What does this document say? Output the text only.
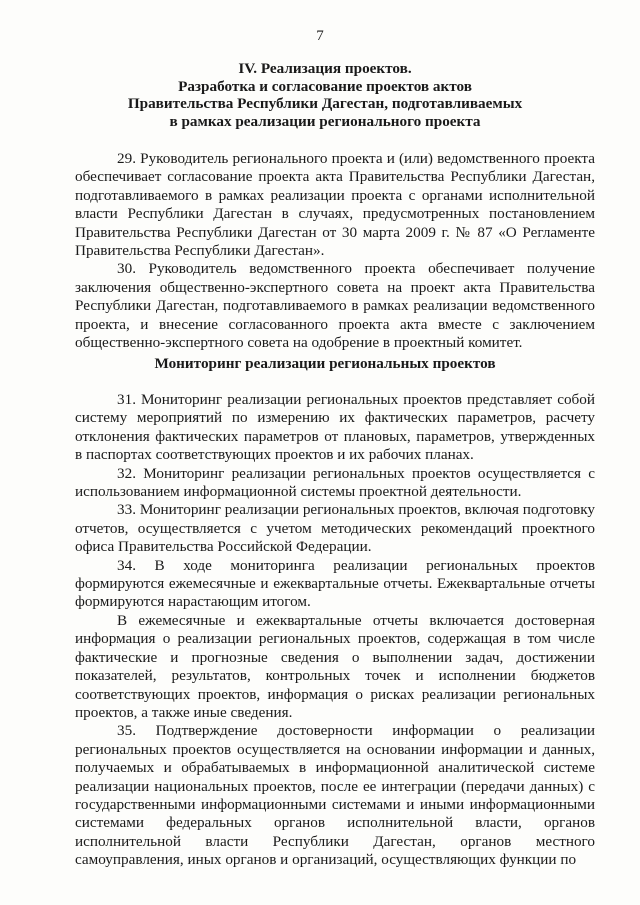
7
IV. Реализация проектов.
Разработка и согласование проектов актов
Правительства Республики Дагестан, подготавливаемых
в рамках реализации регионального проекта

29. Руководитель регионального проекта и (или) ведомственного проекта обеспечивает согласование проекта акта Правительства Республики Дагестан, подготавливаемого в рамках реализации проекта с органами исполнительной власти Республики Дагестан в случаях, предусмотренных постановлением Правительства Республики Дагестан от 30 марта 2009 г. № 87 «О Регламенте Правительства Республики Дагестан».

30. Руководитель ведомственного проекта обеспечивает получение заключения общественно-экспертного совета на проект акта Правительства Республики Дагестан, подготавливаемого в рамках реализации ведомственного проекта, и внесение согласованного проекта акта вместе с заключением общественно-экспертного совета на одобрение в проектный комитет.

Мониторинг реализации региональных проектов

31. Мониторинг реализации региональных проектов представляет собой систему мероприятий по измерению их фактических параметров, расчету отклонения фактических параметров от плановых, параметров, утвержденных в паспортах соответствующих проектов и их рабочих планах.

32. Мониторинг реализации региональных проектов осуществляется с использованием информационной системы проектной деятельности.

33. Мониторинг реализации региональных проектов, включая подготовку отчетов, осуществляется с учетом методических рекомендаций проектного офиса Правительства Российской Федерации.

34. В ходе мониторинга реализации региональных проектов формируются ежемесячные и ежеквартальные отчеты. Ежеквартальные отчеты формируются нарастающим итогом.

В ежемесячные и ежеквартальные отчеты включается достоверная информация о реализации региональных проектов, содержащая в том числе фактические и прогнозные сведения о выполнении задач, достижении показателей, результатов, контрольных точек и исполнении бюджетов соответствующих проектов, информация о рисках реализации региональных проектов, а также иные сведения.

35. Подтверждение достоверности информации о реализации региональных проектов осуществляется на основании информации и данных, получаемых и обрабатываемых в информационной аналитической системе реализации национальных проектов, после ее интеграции (передачи данных) с государственными информационными системами и иными информационными системами федеральных органов исполнительной власти, органов исполнительной власти Республики Дагестан, органов местного самоуправления, иных органов и организаций, осуществляющих функции по
